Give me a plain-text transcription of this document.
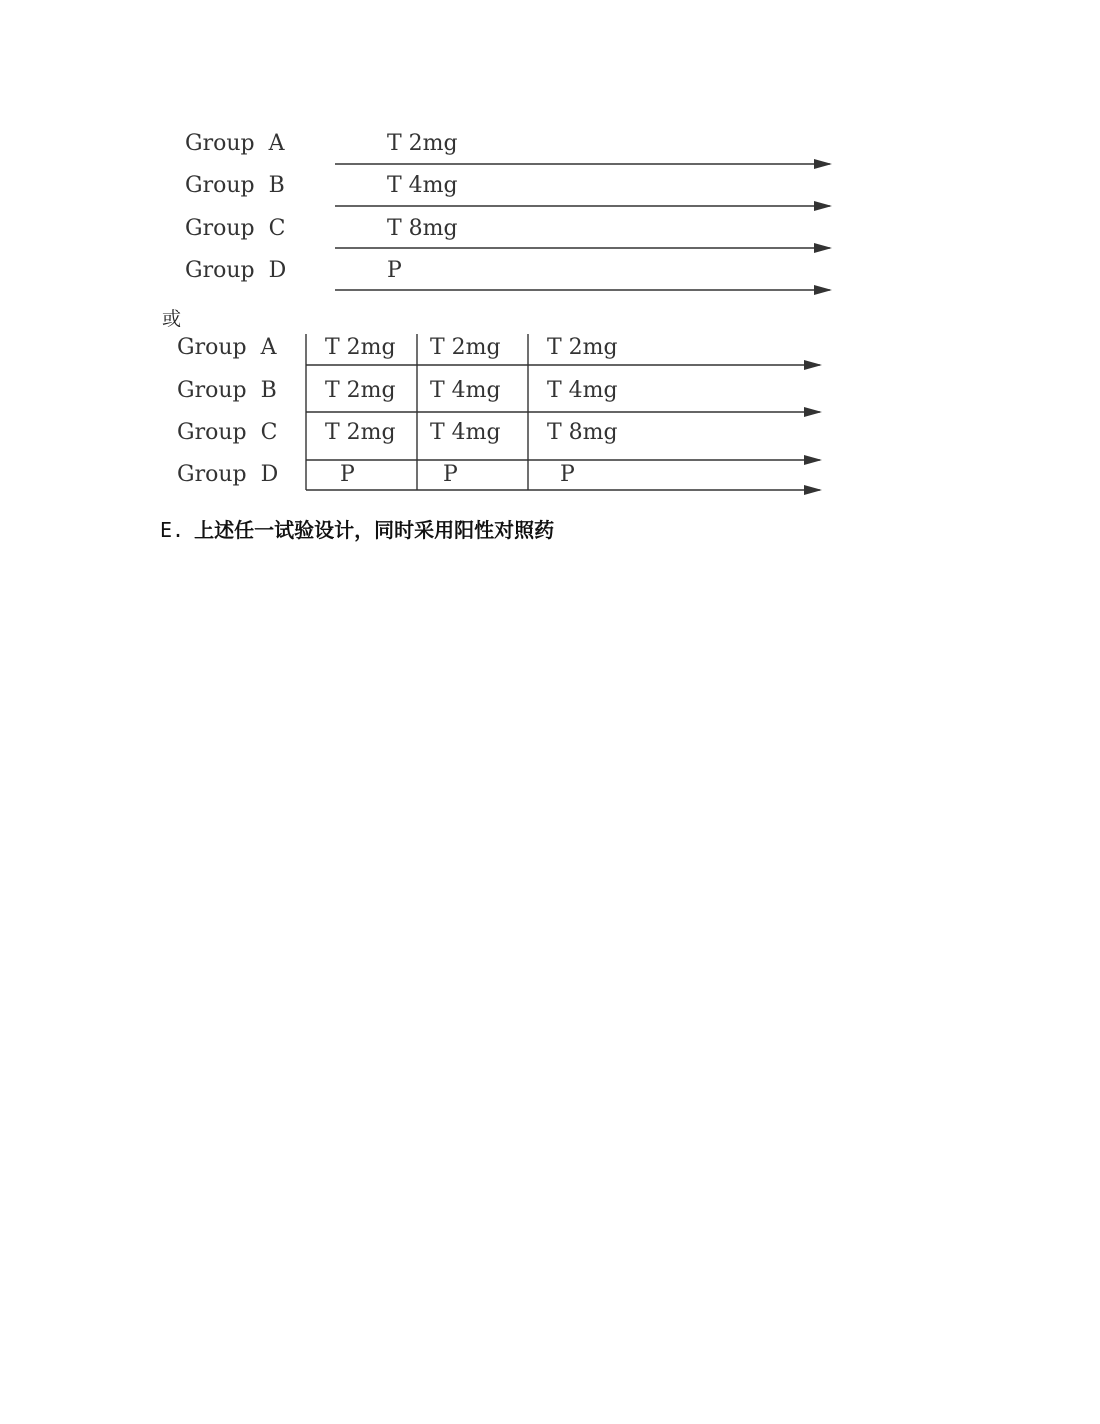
Group  A	T 2mg
Group  B	T 4mg
Group  C	T 8mg
Group  D	P
Group  A T 2mg T 2mg T 2mg
Group  B T 2mg T 4mg T 4mg
Group  C T 2mg T 4mg T 8mg
Group  D	P	P	P
或
E. 上述任一试验设计，同时采用阳性对照药
